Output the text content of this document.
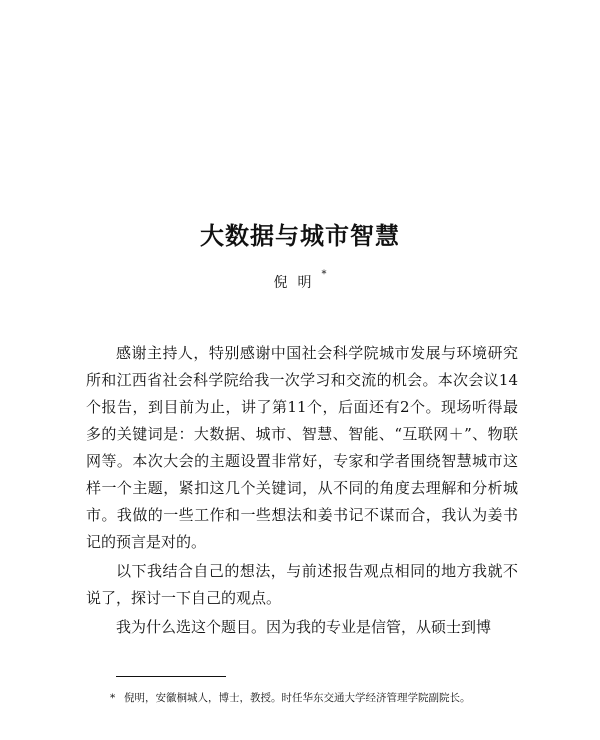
大数据与城市智慧
倪明*

感谢主持人，特别感谢中国社会科学院城市发展与环境研究所和江西省社会科学院给我一次学习和交流的机会。本次会议14个报告，到目前为止，讲了第11个，后面还有2个。现场听得最多的关键词是：大数据、城市、智慧、智能、“互联网＋”、物联网等。本次大会的主题设置非常好，专家和学者围绕智慧城市这样一个主题，紧扣这几个关键词，从不同的角度去理解和分析城市。我做的一些工作和一些想法和姜书记不谋而合，我认为姜书记的预言是对的。

以下我结合自己的想法，与前述报告观点相同的地方我就不说了，探讨一下自己的观点。

我为什么选这个题目。因为我的专业是信管，从硕士到博

* 倪明，安徽桐城人，博士，教授。时任华东交通大学经济管理学院副院长。
